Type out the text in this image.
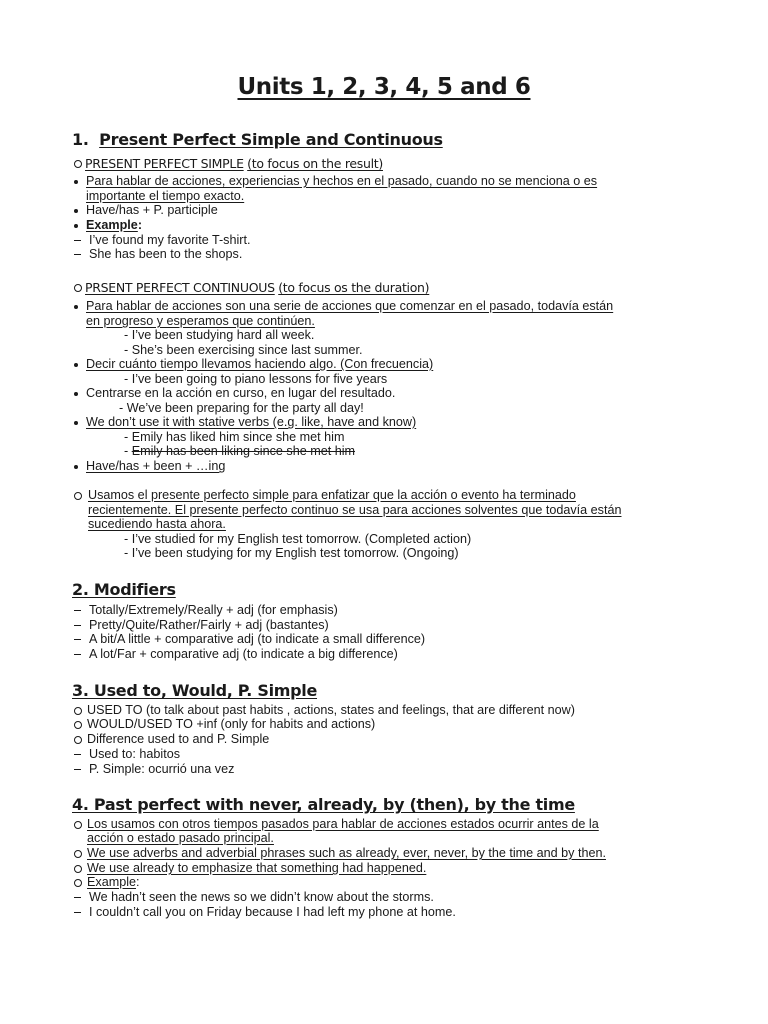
Units 1, 2, 3, 4, 5 and 6
1. Present Perfect Simple and Continuous
PRESENT PERFECT SIMPLE (to focus on the result)
Para hablar de acciones, experiencias y hechos en el pasado, cuando no se menciona o es
importante el tiempo exacto.
Have/has + P. participle
Example:
I’ve found my favorite T-shirt.
She has been to the shops.
PRSENT PERFECT CONTINUOUS (to focus os the duration)
Para hablar de acciones son una serie de acciones que comenzar en el pasado, todavía están
en progreso y esperamos que continúen.
- I’ve been studying hard all week.
- She’s been exercising since last summer.
Decir cuánto tiempo llevamos haciendo algo. (Con frecuencia)
- I’ve been going to piano lessons for five years
Centrarse en la acción en curso, en lugar del resultado.
- We’ve been preparing for the party all day!
We don’t use it with stative verbs (e.g. like, have and know)
- Emily has liked him since she met him
- Emily has been liking since she met him
Have/has + been + …ing
Usamos el presente perfecto simple para enfatizar que la acción o evento ha terminado
recientemente. El presente perfecto continuo se usa para acciones solventes que todavía están
sucediendo hasta ahora.
- I’ve studied for my English test tomorrow. (Completed action)
- I’ve been studying for my English test tomorrow. (Ongoing)
2. Modifiers
Totally/Extremely/Really + adj (for emphasis)
Pretty/Quite/Rather/Fairly + adj (bastantes)
A bit/A little + comparative adj (to indicate a small difference)
A lot/Far + comparative adj (to indicate a big difference)
3. Used to, Would, P. Simple
USED TO (to talk about past habits , actions, states and feelings, that are different now)
WOULD/USED TO +inf (only for habits and actions)
Difference used to and P. Simple
Used to: habitos
P. Simple: ocurrió una vez
4. Past perfect with never, already, by (then), by the time
Los usamos con otros tiempos pasados para hablar de acciones estados ocurrir antes de la
acción o estado pasado principal.
We use adverbs and adverbial phrases such as already, ever, never, by the time and by then.
We use already to emphasize that something had happened.
Example:
We hadn’t seen the news so we didn’t know about the storms.
I couldn’t call you on Friday because I had left my phone at home.
